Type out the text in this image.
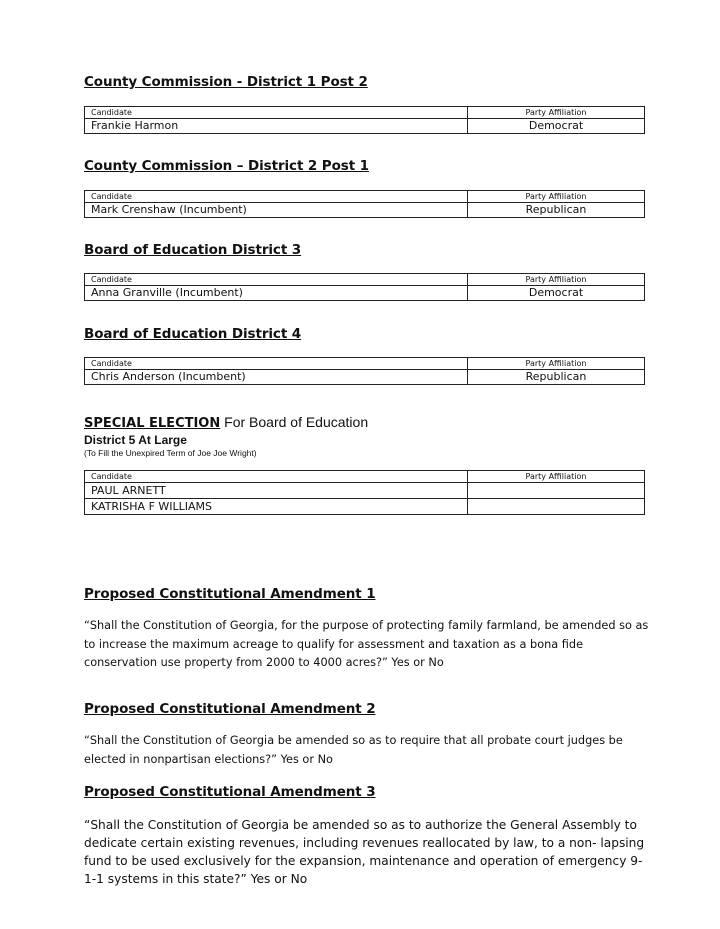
County Commission - District 1 Post 2
Candidate	Party Affiliation
Frankie Harmon	Democrat
County Commission – District 2 Post 1
Candidate	Party Affiliation
Mark Crenshaw (Incumbent)	Republican
Board of Education District 3
Candidate	Party Affiliation
Anna Granville (Incumbent)	Democrat
Board of Education District 4
Candidate	Party Affiliation
Chris Anderson (Incumbent)	Republican
SPECIAL ELECTION For Board of Education
District 5 At Large
(To Fill the Unexpired Term of Joe Joe Wright)
Candidate	Party Affiliation
PAUL ARNETT	
KATRISHA F WILLIAMS	
Proposed Constitutional Amendment 1
“Shall the Constitution of Georgia, for the purpose of protecting family farmland, be amended so as to increase the maximum acreage to qualify for assessment and taxation as a bona fide conservation use property from 2000 to 4000 acres?” Yes or No
Proposed Constitutional Amendment 2
“Shall the Constitution of Georgia be amended so as to require that all probate court judges be elected in nonpartisan elections?” Yes or No
Proposed Constitutional Amendment 3
“Shall the Constitution of Georgia be amended so as to authorize the General Assembly to dedicate certain existing revenues, including revenues reallocated by law, to a non- lapsing fund to be used exclusively for the expansion, maintenance and operation of emergency 9-1-1 systems in this state?” Yes or No
